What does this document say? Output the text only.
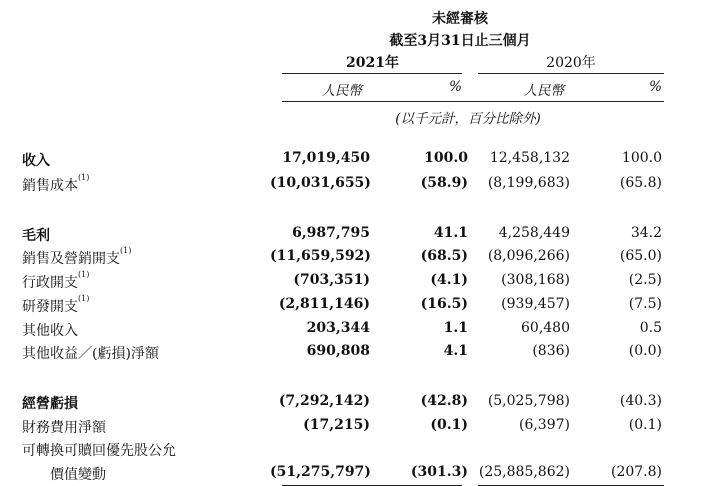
未經審核
截至3月31日止三個月
2021年	2020年
人民幣	%	人民幣	%
(以千元計，百分比除外)
收入	17,019,450	100.0	12,458,132	100.0
銷售成本$^{(1)}$	(10,031,655)	(58.9)	(8,199,683)	(65.8)
毛利	6,987,795	41.1	4,258,449	34.2
銷售及營銷開支$^{(1)}$	(11,659,592)	(68.5)	(8,096,266)	(65.0)
行政開支$^{(1)}$	(703,351)	(4.1)	(308,168)	(2.5)
研發開支$^{(1)}$	(2,811,146)	(16.5)	(939,457)	(7.5)
其他收入	203,344	1.1	60,480	0.5
其他收益／(虧損)淨額	690,808	4.1	(836)	(0.0)
經營虧損	(7,292,142)	(42.8)	(5,025,798)	(40.3)
財務費用淨額	(17,215)	(0.1)	(6,397)	(0.1)
可轉換可贖回優先股公允
價值變動	(51,275,797)	(301.3) (25,885,862)	(207.8)
